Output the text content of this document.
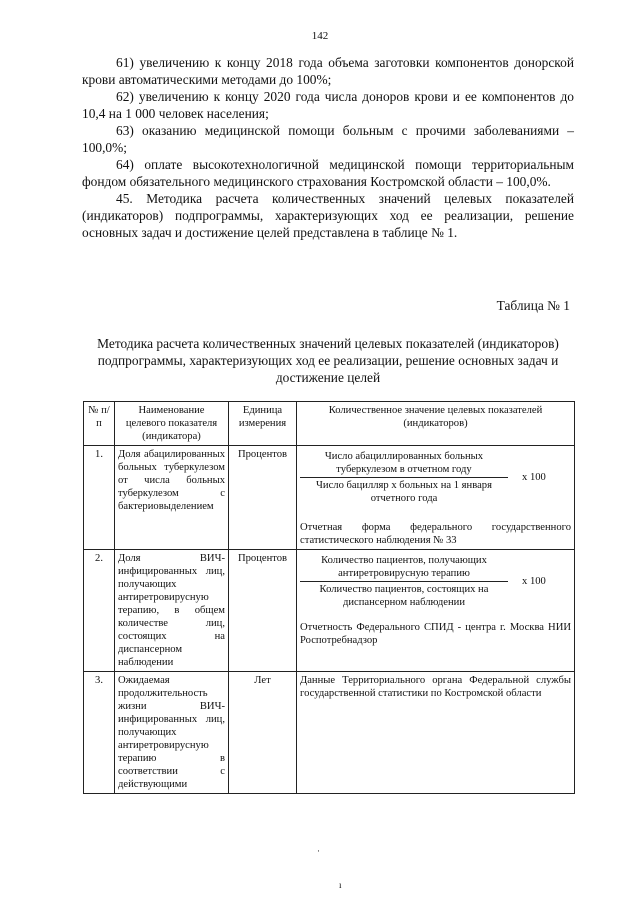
142

61) увеличению к концу 2018 года объема заготовки компонентов донорской крови автоматическими методами до 100%;

62) увеличению к концу 2020 года числа доноров крови и ее компонентов до 10,4 на 1 000 человек населения;

63) оказанию медицинской помощи больным с прочими заболеваниями – 100,0%;

64) оплате высокотехнологичной медицинской помощи территориальным фондом обязательного медицинского страхования Костромской области – 100,0%.

45. Методика расчета количественных значений целевых показателей (индикаторов) подпрограммы, характеризующих ход ее реализации, решение основных задач и достижение целей представлена в таблице № 1.

Таблица № 1
Методика расчета количественных значений целевых показателей (индикаторов) подпрограммы, характеризующих ход ее реализации, решение основных задач и достижение целей
№ п/п	Наименование целевого показателя (индикатора)	Единица измерения	Количественное значение целевых показателей (индикаторов)
1.	Доля абацилированных больных туберкулезом от числа больных туберкулезом с бактериовыделением	Процентов	$\frac{\text{Число абациллированных больных туберкулезом в отчетном году}}{\text{Число бацилляр х больных на 1 января отчетного года}}$ х 100
Отчетная форма федерального государственного статистического наблюдения № 33

2.	Доля ВИЧ-инфицированных лиц, получающих антиретровирусную терапию, в общем количестве лиц, состоящих на диспансерном наблюдении	Процентов	$\frac{\text{Количество пациентов, получающих антиретровирусную терапию}}{\text{Количество пациентов, состоящих на диспансерном наблюдении}}$ х 100
Отчетность Федерального СПИД - центра г. Москва НИИ Роспотребнадзор

3.	Ожидаемая продолжительность жизни ВИЧ-инфицированных лиц, получающих антиретровирусную терапию в соответствии с действующими	Лет	Данные Территориального органа Федеральной службы государственной статистики по Костромской области
·
ı
